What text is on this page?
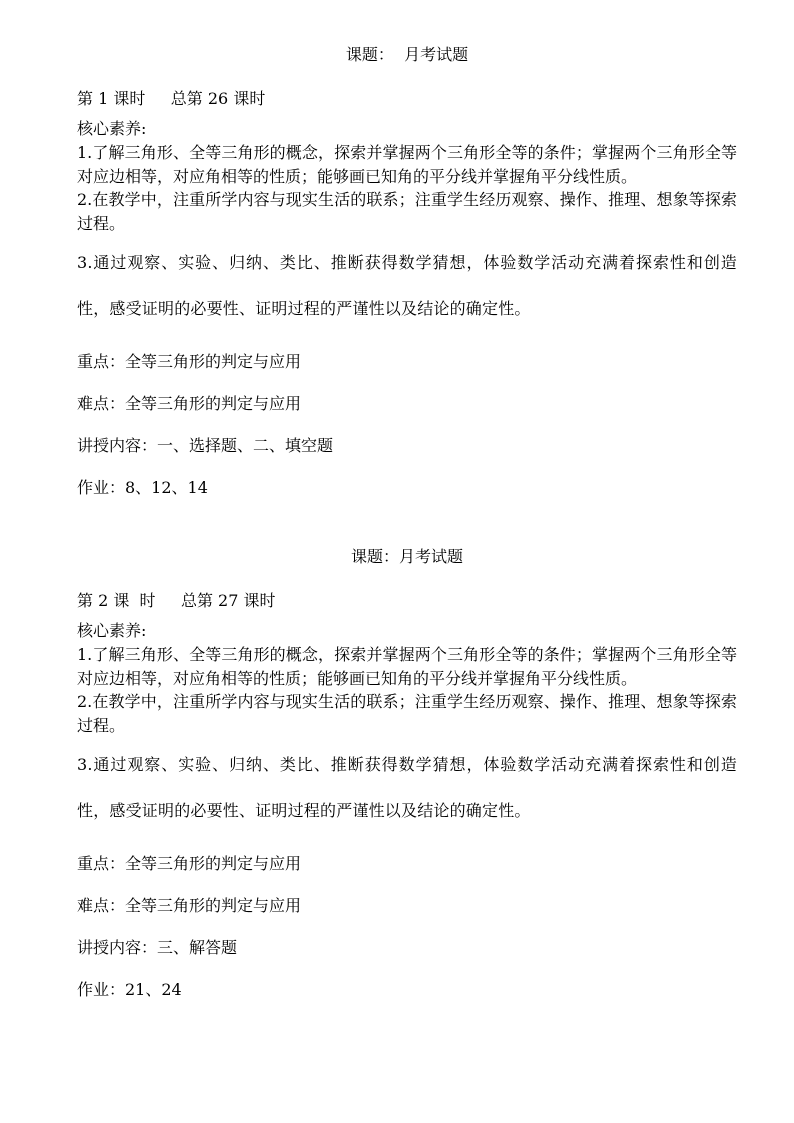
课题：  月考试题
第 1 课时     总第 26 课时
核心素养:
1.了解三角形、全等三角形的概念，探索并掌握两个三角形全等的条件；掌握两个三角形全等对应边相等，对应角相等的性质；能够画已知角的平分线并掌握角平分线性质。
2.在教学中，注重所学内容与现实生活的联系；注重学生经历观察、操作、推理、想象等探索过程。
3.通过观察、实验、归纳、类比、推断获得数学猜想，体验数学活动充满着探索性和创造性，感受证明的必要性、证明过程的严谨性以及结论的确定性。
重点：全等三角形的判定与应用
难点：全等三角形的判定与应用
讲授内容：一、选择题、二、填空题
作业：8、12、14
课题：月考试题
第 2 课  时     总第 27 课时
核心素养:
1.了解三角形、全等三角形的概念，探索并掌握两个三角形全等的条件；掌握两个三角形全等对应边相等，对应角相等的性质；能够画已知角的平分线并掌握角平分线性质。
2.在教学中，注重所学内容与现实生活的联系；注重学生经历观察、操作、推理、想象等探索过程。
3.通过观察、实验、归纳、类比、推断获得数学猜想，体验数学活动充满着探索性和创造性，感受证明的必要性、证明过程的严谨性以及结论的确定性。
重点：全等三角形的判定与应用
难点：全等三角形的判定与应用
讲授内容：三、解答题
作业：21、24
